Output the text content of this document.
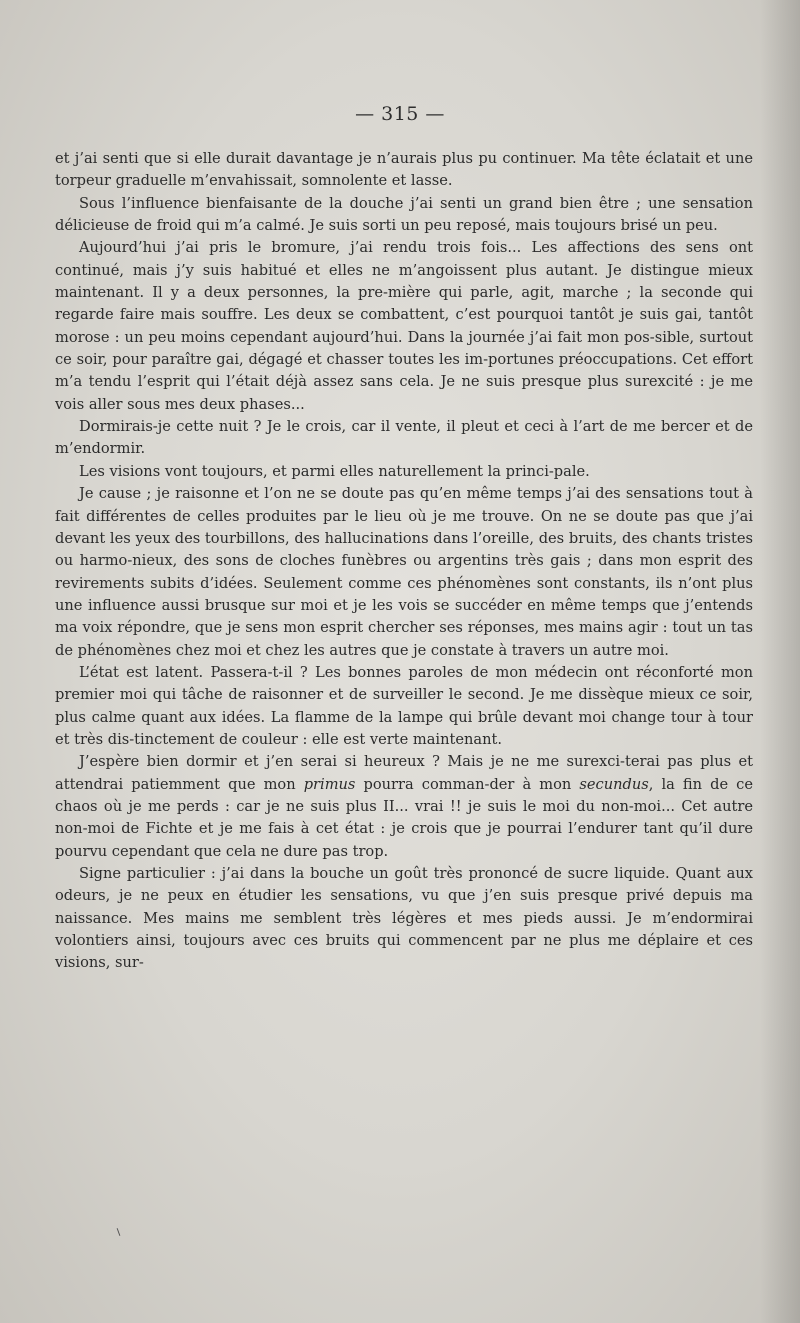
— 315 —

et j’ai senti que si elle durait davantage je n’aurais plus pu continuer. Ma tête éclatait et une torpeur graduelle m’envahissait, somnolente et lasse.

Sous l’influence bienfaisante de la douche j’ai senti un grand bien être ; une sensation délicieuse de froid qui m’a calmé. Je suis sorti un peu reposé, mais toujours brisé un peu.

Aujourd’hui j’ai pris le bromure, j’ai rendu trois fois... Les affections des sens ont continué, mais j’y suis habitué et elles ne m’angoissent plus autant. Je distingue mieux maintenant. Il y a deux personnes, la pre-mière qui parle, agit, marche ; la seconde qui regarde faire mais souffre. Les deux se combattent, c’est pourquoi tantôt je suis gai, tantôt morose : un peu moins cependant aujourd’hui. Dans la journée j’ai fait mon pos-sible, surtout ce soir, pour paraître gai, dégagé et chasser toutes les im-portunes préoccupations. Cet effort m’a tendu l’esprit qui l’était déjà assez sans cela. Je ne suis presque plus surexcité : je me vois aller sous mes deux phases...

Dormirais-je cette nuit ? Je le crois, car il vente, il pleut et ceci à l’art de me bercer et de m’endormir.

Les visions vont toujours, et parmi elles naturellement la princi-pale.

Je cause ; je raisonne et l’on ne se doute pas qu’en même temps j’ai des sensations tout à fait différentes de celles produites par le lieu où je me trouve. On ne se doute pas que j’ai devant les yeux des tourbillons, des hallucinations dans l’oreille, des bruits, des chants tristes ou harmo-nieux, des sons de cloches funèbres ou argentins très gais ; dans mon esprit des revirements subits d’idées. Seulement comme ces phénomènes sont constants, ils n’ont plus une influence aussi brusque sur moi et je les vois se succéder en même temps que j’entends ma voix répondre, que je sens mon esprit chercher ses réponses, mes mains agir : tout un tas de phénomènes chez moi et chez les autres que je constate à travers un autre moi.

L’état est latent. Passera-t-il ? Les bonnes paroles de mon médecin ont réconforté mon premier moi qui tâche de raisonner et de surveiller le second. Je me dissèque mieux ce soir, plus calme quant aux idées. La flamme de la lampe qui brûle devant moi change tour à tour et très dis-tinctement de couleur : elle est verte maintenant.

J’espère bien dormir et j’en serai si heureux ? Mais je ne me surexci-terai pas plus et attendrai patiemment que mon primus pourra comman-der à mon secundus, la fin de ce chaos où je me perds : car je ne suis plus II... vrai !! je suis le moi du non-moi... Cet autre non-moi de Fichte et je me fais à cet état : je crois que je pourrai l’endurer tant qu’il dure pourvu cependant que cela ne dure pas trop.

Signe particulier : j’ai dans la bouche un goût très prononcé de sucre liquide. Quant aux odeurs, je ne peux en étudier les sensations, vu que j’en suis presque privé depuis ma naissance. Mes mains me semblent très légères et mes pieds aussi. Je m’endormirai volontiers ainsi, toujours avec ces bruits qui commencent par ne plus me déplaire et ces visions, sur-
